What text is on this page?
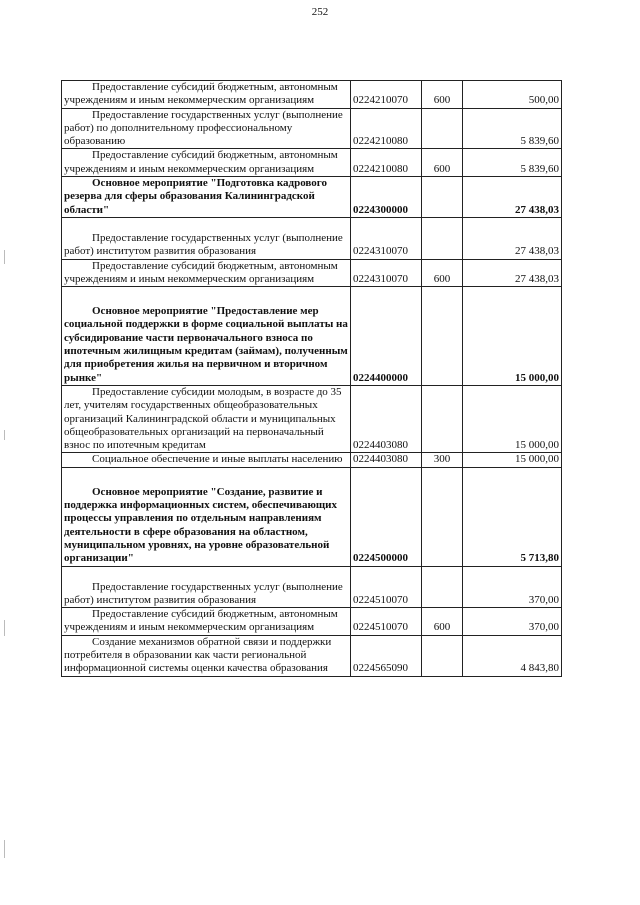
252
Предоставление субсидий бюджетным, автономным учреждениям и иным некоммерческим организациям	0224210070	600	500,00
Предоставление государственных услуг (выполнение работ) по дополнительному профессиональному образованию	0224210080		5 839,60
Предоставление субсидий бюджетным, автономным учреждениям и иным некоммерческим организациям	0224210080	600	5 839,60
Основное мероприятие "Подготовка кадрового резерва для сферы образования Калининградской области"	0224300000		27 438,03
Предоставление государственных услуг (выполнение работ) институтом развития образования	0224310070		27 438,03
Предоставление субсидий бюджетным, автономным учреждениям и иным некоммерческим организациям	0224310070	600	27 438,03
Основное мероприятие "Предоставление мер социальной поддержки в форме социальной выплаты на субсидирование части первоначального взноса по ипотечным жилищным кредитам (займам), полученным для приобретения жилья на первичном и вторичном рынке"	0224400000		15 000,00
Предоставление субсидии молодым, в возрасте до 35 лет, учителям государственных общеобразовательных организаций Калининградской области и муниципальных общеобразовательных организаций на первоначальный взнос по ипотечным кредитам	0224403080		15 000,00
Социальное обеспечение и иные выплаты населению	0224403080	300	15 000,00
Основное мероприятие "Создание, развитие и поддержка информационных систем, обеспечивающих процессы управления по отдельным направлениям деятельности в сфере образования на областном, муниципальном уровнях, на уровне образовательной организации"	0224500000		5 713,80
Предоставление государственных услуг (выполнение работ) институтом развития образования	0224510070		370,00
Предоставление субсидий бюджетным, автономным учреждениям и иным некоммерческим организациям	0224510070	600	370,00
Создание механизмов обратной связи и поддержки потребителя в образовании как части региональной информационной системы оценки качества образования	0224565090		4 843,80
